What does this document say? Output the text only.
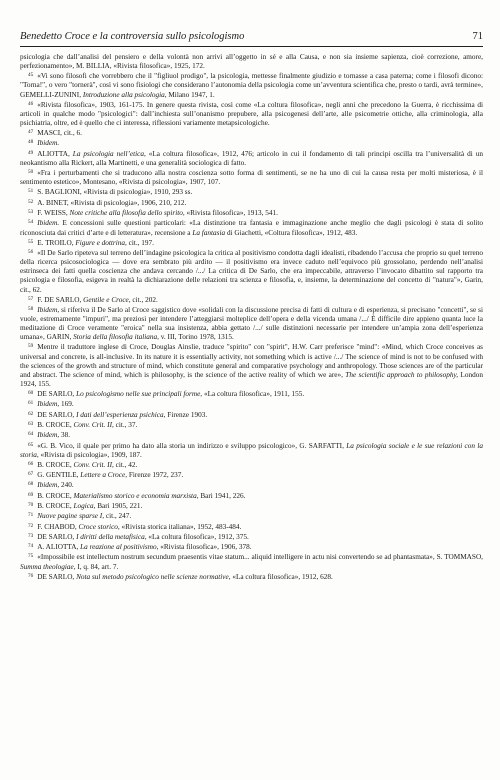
Benedetto Croce e la controversia sullo psicologismo	71

psicologia che dall’analisi del pensiero e della volontà non arrivi all’oggetto in sé e alla Causa, e non sia insieme sapienza, cioè correzione, amore, perfezionamento», M. BILLIA, «Rivista filosofica», 1925, 172.

$^{45}$ «Vi sono filosofi che vorrebbero che il "figliuol prodigo", la psicologia, mettesse finalmente giudizio e tornasse a casa paterna; come i filosofi dicono: "Torna!", o vero "tornerà", così vi sono fisiologi che considerano l’autonomia della psicologia come un’avventura scientifica che, presto o tardi, avrà termine», GEMELLI-ZUNINI, Introduzione alla psicologia, Milano 1947, 1.

$^{46}$ «Rivista filosofica», 1903, 161-175. In genere questa rivista, così come «La coltura filosofica», negli anni che precedono la Guerra, è ricchissima di articoli in qualche modo "psicologici": dall’inchiesta sull’onanismo prepubere, alla psicogenesi dell’arte, alle psicometrie ottiche, alla criminologia, alla psichiatria, oltre, ed è quello che ci interessa, riflessioni variamente metapsicologiche.

$^{47}$ MASCI, cit., 6.

$^{48}$ Ibidem.

$^{49}$ ALIOTTA, La psicologia nell’etica, «La coltura filosofica», 1912, 476; articolo in cui il fondamento di tali principi oscilla tra l’universalità di un neokantismo alla Rickert, alla Martinetti, e una generalità sociologica di fatto.

$^{50}$ «Fra i perturbamenti che si traducono alla nostra coscienza sotto forma di sentimenti, se ne ha uno di cui la causa resta per molti misteriosa, è il sentimento estetico», Montesano, «Rivista di psicologia», 1907, 107.

$^{51}$ S. BAGLIONI, «Rivista di psicologia», 1910, 293 ss.

$^{52}$ A. BINET, «Rivista di psicologia», 1906, 210, 212.

$^{53}$ F. WEISS, Note critiche alla filosofia dello spirito, «Rivista filosofica», 1913, 541.

$^{54}$ Ibidem. E concessioni sulle questioni particolari: «La distinzione tra fantasia e immaginazione anche meglio che dagli psicologi è stata di solito riconosciuta dai critici d’arte e di letteratura», recensione a La fantasia di Giachetti, «Coltura filosofica», 1912, 483.

$^{55}$ E. TROILO, Figure e dottrina, cit., 197.

$^{56}$ «Il De Sarlo ripeteva sul terreno dell’indagine psicologica la critica al positivismo condotta dagli idealisti, ribadendo l’accusa che proprio su quel terreno della ricerca psicosociologica — dove era sembrato più ardito — il positivismo era invece caduto nell’equivoco più grossolano, perdendo nell’analisi estrinseca dei fatti quella coscienza che andava cercando /.../ La critica di De Sarlo, che era impeccabile, attraverso l’invocato dibattito sul rapporto tra psicologia e filosofia, esigeva in realtà la dichiarazione delle relazioni tra scienza e filosofia, e, insieme, la determinazione del concetto di "natura"», Garin, cit., 62.

$^{57}$ F. DE SARLO, Gentile e Croce, cit., 202.

$^{58}$ Ibidem, si riferiva il De Sarlo al Croce saggistico dove «solidali con la discussione precisa di fatti di cultura e di esperienza, si precisano "concetti", se si vuole, estremamente "impuri", ma preziosi per intendere l’atteggiarsi molteplice dell’opera e della vicenda umana /.../ È difficile dire appieno quanta luce la meditazione di Croce veramente "eroica" nella sua insistenza, abbia gettato /.../ sulle distinzioni necessarie per intendere un’ampia zona dell’esperienza umana», GARIN, Storia della filosofia italiana, v. III, Torino 1978, 1315.

$^{59}$ Mentre il traduttore inglese di Croce, Douglas Ainslie, traduce "spirito" con "spirit", H.W. Carr preferisce "mind": «Mind, which Croce conceives as universal and concrete, is all-inclusive. In its nature it is essentially activity, not something which is active /.../ The science of mind is not to be confused with the sciences of the growth and structure of mind, which constitute general and comparative psychology and anthropology. Those sciences are of the particular and abstract. The science of mind, which is philosophy, is the science of the active reality of which we are», The scientific approach to philosophy, London 1924, 155.

$^{60}$ DE SARLO, Lo psicologismo nelle sue principali forme, «La coltura filosofica», 1911, 155.

$^{61}$ Ibidem, 169.

$^{62}$ DE SARLO, I dati dell’esperienza psichica, Firenze 1903.

$^{63}$ B. CROCE, Conv. Crit. II, cit., 37.

$^{64}$ Ibidem, 38.

$^{65}$ «G. B. Vico, il quale per primo ha dato alla storia un indirizzo e sviluppo psicologico», G. SARFATTI, La psicologia sociale e le sue relazioni con la storia, «Rivista di psicologia», 1909, 187.

$^{66}$ B. CROCE, Conv. Crit. II, cit., 42.

$^{67}$ G. GENTILE, Lettere a Croce, Firenze 1972, 237.

$^{68}$ Ibidem, 240.

$^{69}$ B. CROCE, Materialismo storico e economia marxista, Bari 1941, 226.

$^{70}$ B. CROCE, Logica, Bari 1905, 221.

$^{71}$ Nuove pagine sparse I, cit., 247.

$^{72}$ F. CHABOD, Croce storico, «Rivista storica italiana», 1952, 483-484.

$^{73}$ DE SARLO, I diritti della metafisica, «La coltura filosofica», 1912, 375.

$^{74}$ A. ALIOTTA, La reazione al positivismo, «Rivista filosofica», 1906, 378.

$^{75}$ «Impossibile est intellectum nostrum secundum praesentis vitae statum... aliquid intelligere in actu nisi convertendo se ad phantasmata», S. TOMMASO, Summa theologiae, I, q. 84, art. 7.

$^{76}$ DE SARLO, Nota sul metodo psicologico nelle scienze normative, «La coltura filosofica», 1912, 628.
